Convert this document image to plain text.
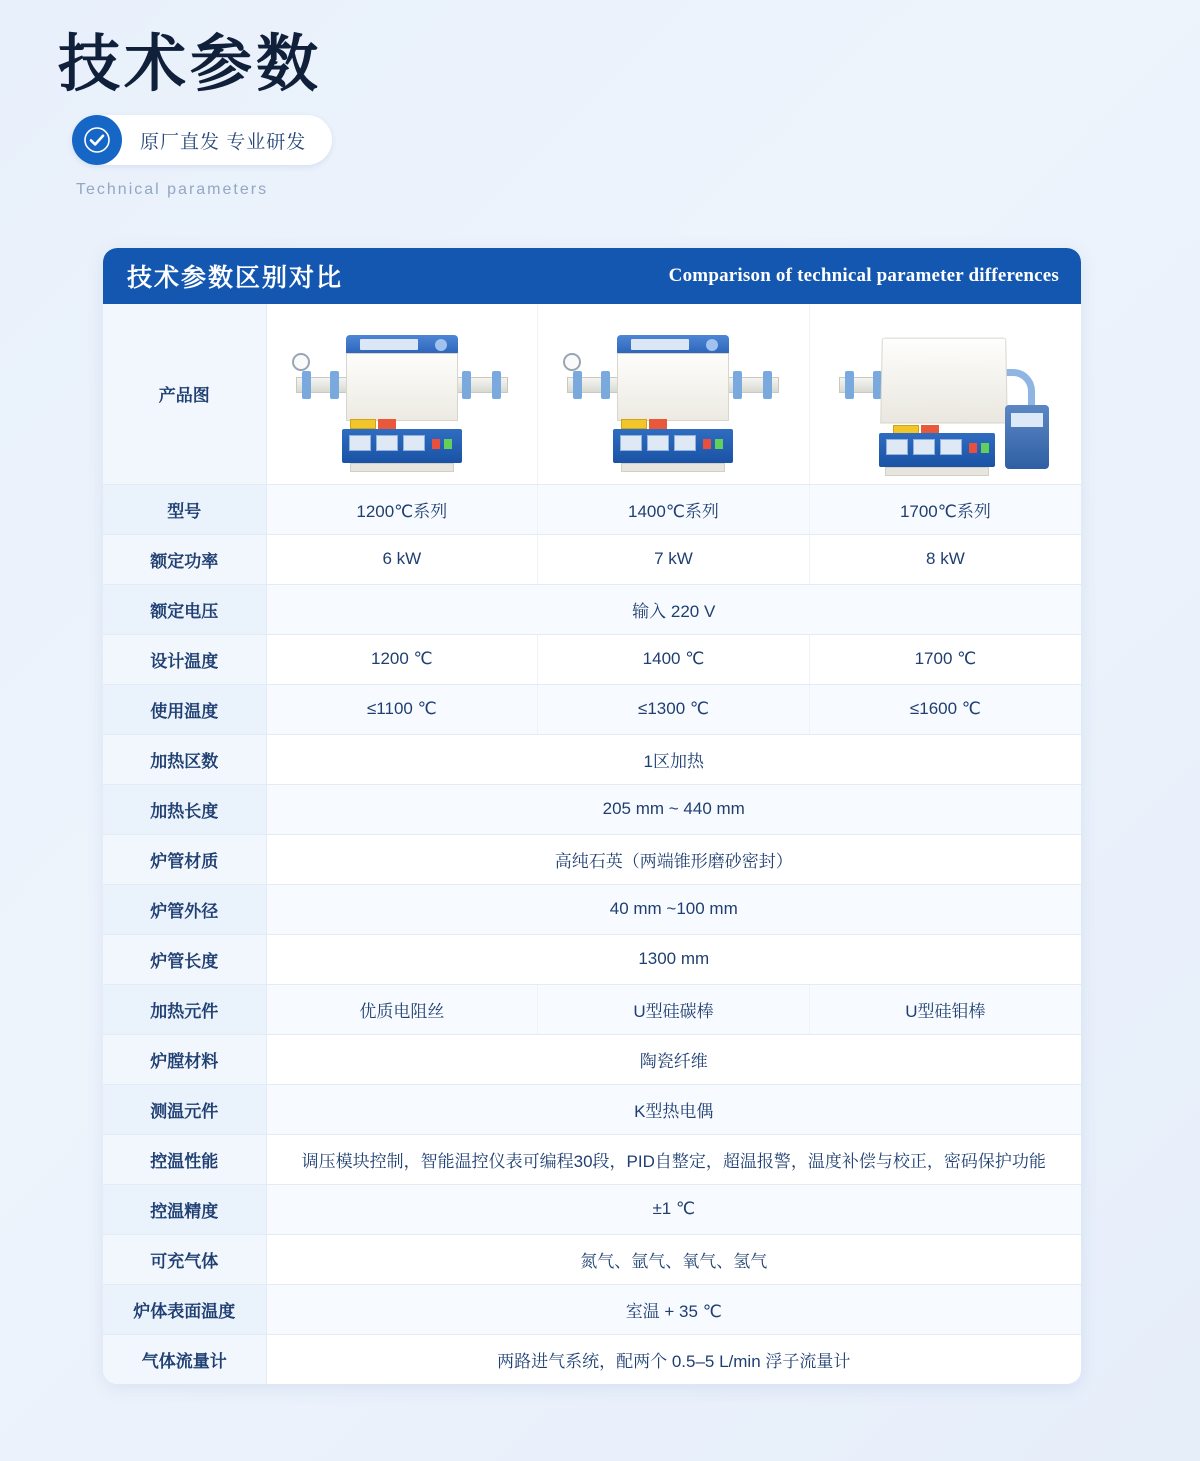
技术参数
原厂直发 专业研发
Technical parameters
技术参数区别对比	Comparison of technical parameter differences
产品图	

型号	1200℃系列	1400℃系列	1700℃系列
额定功率	6 kW	7 kW	8 kW
额定电压	输入 220 V		
设计温度	1200 ℃	1400 ℃	1700 ℃
使用温度	≤1100 ℃	≤1300 ℃	≤1600 ℃
加热区数	1区加热		
加热长度	205 mm ~ 440 mm		
炉管材质	高纯石英（两端锥形磨砂密封）		
炉管外径	40 mm ~100 mm		
炉管长度	1300 mm		
加热元件	优质电阻丝	U型硅碳棒	U型硅钼棒
炉膛材料	陶瓷纤维		
测温元件	K型热电偶		
控温性能	调压模块控制，智能温控仪表可编程30段，PID自整定，超温报警，温度补偿与校正，密码保护功能		
控温精度	±1 ℃		
可充气体	氮气、氩气、氧气、氢气		
炉体表面温度	室温 + 35 ℃		
气体流量计	两路进气系统，配两个 0.5–5 L/min 浮子流量计		
